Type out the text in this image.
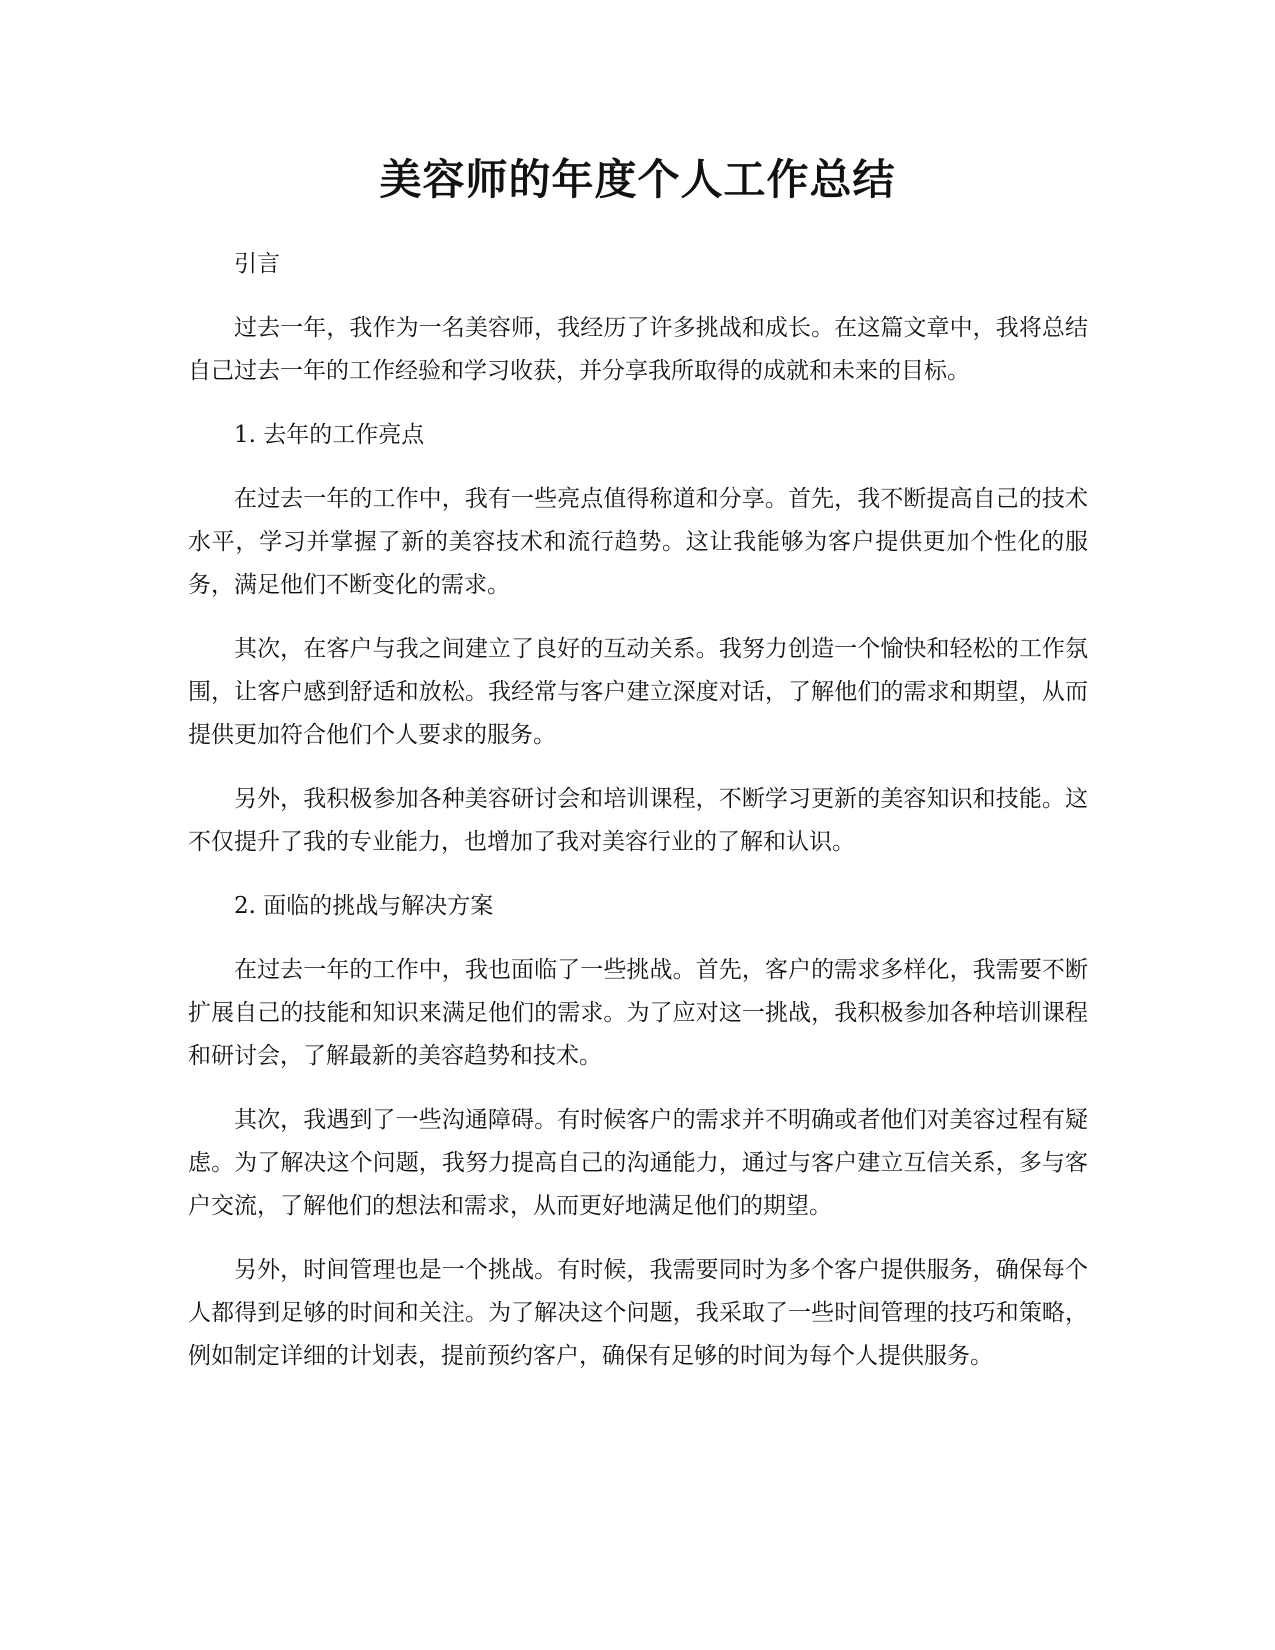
美容师的年度个人工作总结

引言

过去一年，我作为一名美容师，我经历了许多挑战和成长。在这篇文章中，我将总结自己过去一年的工作经验和学习收获，并分享我所取得的成就和未来的目标。

1. 去年的工作亮点

在过去一年的工作中，我有一些亮点值得称道和分享。首先，我不断提高自己的技术水平，学习并掌握了新的美容技术和流行趋势。这让我能够为客户提供更加个性化的服务，满足他们不断变化的需求。

其次，在客户与我之间建立了良好的互动关系。我努力创造一个愉快和轻松的工作氛围，让客户感到舒适和放松。我经常与客户建立深度对话，了解他们的需求和期望，从而提供更加符合他们个人要求的服务。

另外，我积极参加各种美容研讨会和培训课程，不断学习更新的美容知识和技能。这不仅提升了我的专业能力，也增加了我对美容行业的了解和认识。

2. 面临的挑战与解决方案

在过去一年的工作中，我也面临了一些挑战。首先，客户的需求多样化，我需要不断扩展自己的技能和知识来满足他们的需求。为了应对这一挑战，我积极参加各种培训课程和研讨会，了解最新的美容趋势和技术。

其次，我遇到了一些沟通障碍。有时候客户的需求并不明确或者他们对美容过程有疑虑。为了解决这个问题，我努力提高自己的沟通能力，通过与客户建立互信关系，多与客户交流，了解他们的想法和需求，从而更好地满足他们的期望。

另外，时间管理也是一个挑战。有时候，我需要同时为多个客户提供服务，确保每个人都得到足够的时间和关注。为了解决这个问题，我采取了一些时间管理的技巧和策略，例如制定详细的计划表，提前预约客户，确保有足够的时间为每个人提供服务。
